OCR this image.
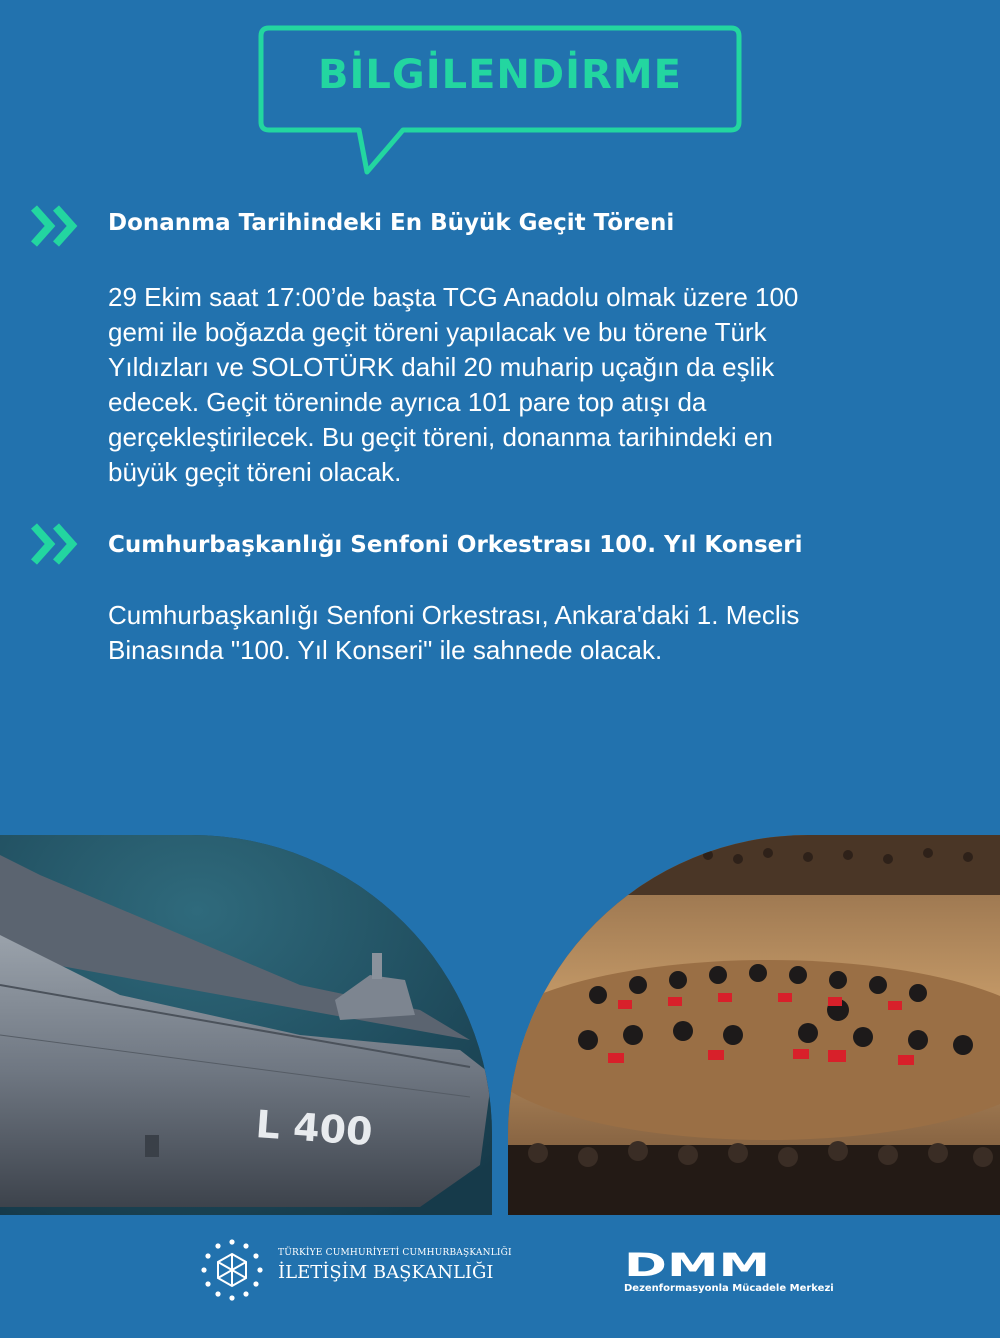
BİLGİLENDİRME
Donanma Tarihindeki En Büyük Geçit Töreni
29 Ekim saat 17:00’de başta TCG Anadolu olmak üzere 100
gemi ile boğazda geçit töreni yapılacak ve bu törene Türk
Yıldızları ve SOLOTÜRK dahil 20 muharip uçağın da eşlik
edecek. Geçit töreninde ayrıca 101 pare top atışı da
gerçekleştirilecek. Bu geçit töreni, donanma tarihindeki en
büyük geçit töreni olacak.
Cumhurbaşkanlığı Senfoni Orkestrası 100. Yıl Konseri
Cumhurbaşkanlığı Senfoni Orkestrası, Ankara'daki 1. Meclis
Binasında "100. Yıl Konseri" ile sahnede olacak.
L 400
TÜRKİYE CUMHURİYETİ CUMHURBAŞKANLIĞI
İLETİŞİM BAŞKANLIĞI	DMM
Dezenformasyonla Mücadele Merkezi
